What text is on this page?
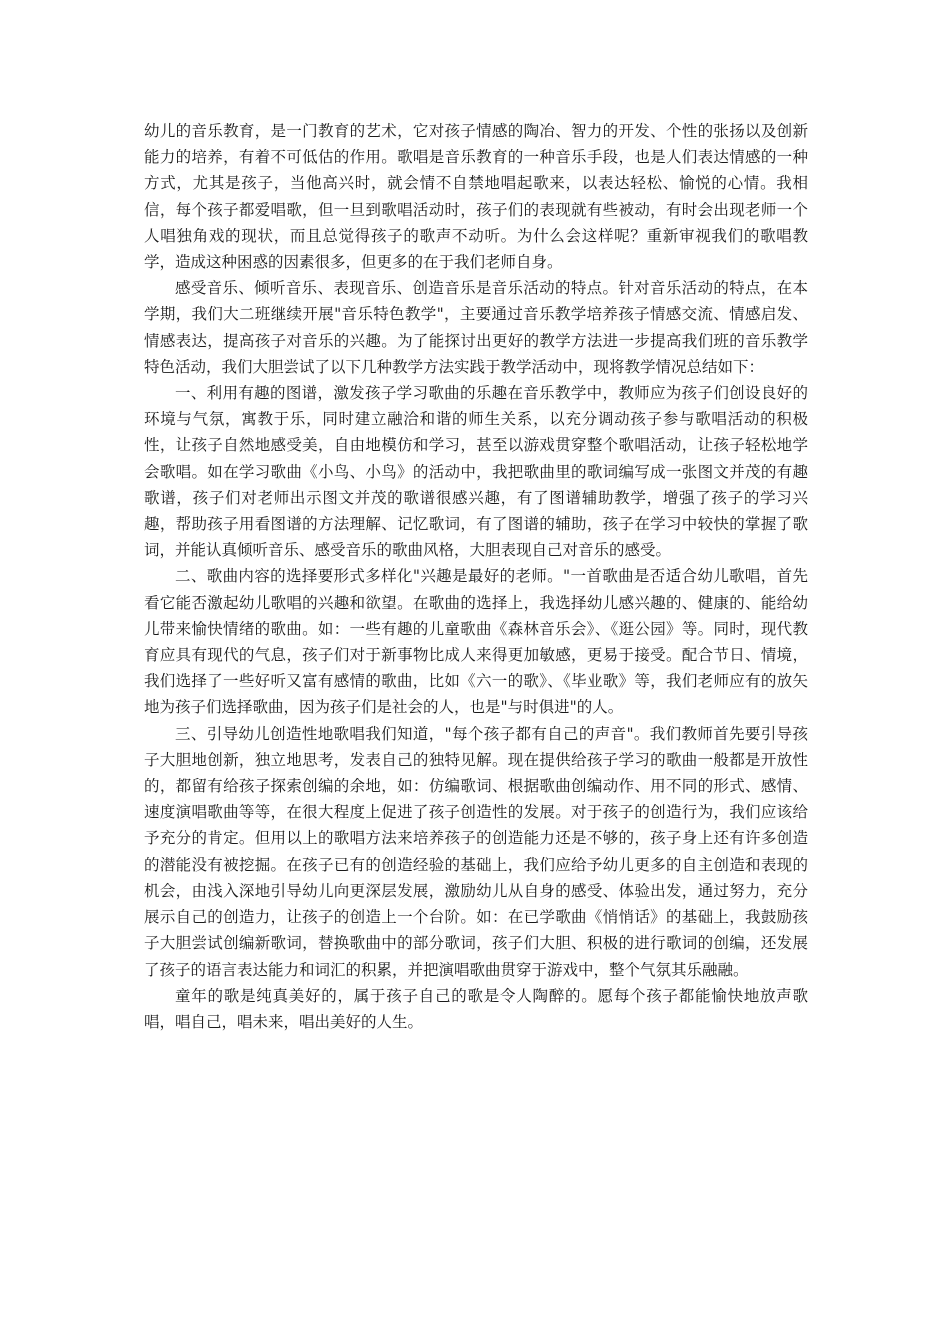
幼儿的音乐教育，是一门教育的艺术，它对孩子情感的陶冶、智力的开发、个性的张扬以及创新能力的培养，有着不可低估的作用。歌唱是音乐教育的一种音乐手段，也是人们表达情感的一种方式，尤其是孩子，当他高兴时，就会情不自禁地唱起歌来，以表达轻松、愉悦的心情。我相信，每个孩子都爱唱歌，但一旦到歌唱活动时，孩子们的表现就有些被动，有时会出现老师一个人唱独角戏的现状，而且总觉得孩子的歌声不动听。为什么会这样呢？重新审视我们的歌唱教学，造成这种困惑的因素很多，但更多的在于我们老师自身。

感受音乐、倾听音乐、表现音乐、创造音乐是音乐活动的特点。针对音乐活动的特点，在本学期，我们大二班继续开展"音乐特色教学"，主要通过音乐教学培养孩子情感交流、情感启发、情感表达，提高孩子对音乐的兴趣。为了能探讨出更好的教学方法进一步提高我们班的音乐教学特色活动，我们大胆尝试了以下几种教学方法实践于教学活动中，现将教学情况总结如下：

一、利用有趣的图谱，激发孩子学习歌曲的乐趣在音乐教学中，教师应为孩子们创设良好的环境与气氛，寓教于乐，同时建立融洽和谐的师生关系，以充分调动孩子参与歌唱活动的积极性，让孩子自然地感受美，自由地模仿和学习，甚至以游戏贯穿整个歌唱活动，让孩子轻松地学会歌唱。如在学习歌曲《小鸟、小鸟》的活动中，我把歌曲里的歌词编写成一张图文并茂的有趣歌谱，孩子们对老师出示图文并茂的歌谱很感兴趣，有了图谱辅助教学，增强了孩子的学习兴趣，帮助孩子用看图谱的方法理解、记忆歌词，有了图谱的辅助，孩子在学习中较快的掌握了歌词，并能认真倾听音乐、感受音乐的歌曲风格，大胆表现自己对音乐的感受。

二、歌曲内容的选择要形式多样化"兴趣是最好的老师。"一首歌曲是否适合幼儿歌唱，首先看它能否激起幼儿歌唱的兴趣和欲望。在歌曲的选择上，我选择幼儿感兴趣的、健康的、能给幼儿带来愉快情绪的歌曲。如：一些有趣的儿童歌曲《森林音乐会》、《逛公园》等。同时，现代教育应具有现代的气息，孩子们对于新事物比成人来得更加敏感，更易于接受。配合节日、情境，我们选择了一些好听又富有感情的歌曲，比如《六一的歌》、《毕业歌》等，我们老师应有的放矢地为孩子们选择歌曲，因为孩子们是社会的人，也是"与时俱进"的人。

三、引导幼儿创造性地歌唱我们知道，"每个孩子都有自己的声音"。我们教师首先要引导孩子大胆地创新，独立地思考，发表自己的独特见解。现在提供给孩子学习的歌曲一般都是开放性的，都留有给孩子探索创编的余地，如：仿编歌词、根据歌曲创编动作、用不同的形式、感情、速度演唱歌曲等等，在很大程度上促进了孩子创造性的发展。对于孩子的创造行为，我们应该给予充分的肯定。但用以上的歌唱方法来培养孩子的创造能力还是不够的，孩子身上还有许多创造的潜能没有被挖掘。在孩子已有的创造经验的基础上，我们应给予幼儿更多的自主创造和表现的机会，由浅入深地引导幼儿向更深层发展，激励幼儿从自身的感受、体验出发，通过努力，充分展示自己的创造力，让孩子的创造上一个台阶。如：在已学歌曲《悄悄话》的基础上，我鼓励孩子大胆尝试创编新歌词，替换歌曲中的部分歌词，孩子们大胆、积极的进行歌词的创编，还发展了孩子的语言表达能力和词汇的积累，并把演唱歌曲贯穿于游戏中，整个气氛其乐融融。

童年的歌是纯真美好的，属于孩子自己的歌是令人陶醉的。愿每个孩子都能愉快地放声歌唱，唱自己，唱未来，唱出美好的人生。
